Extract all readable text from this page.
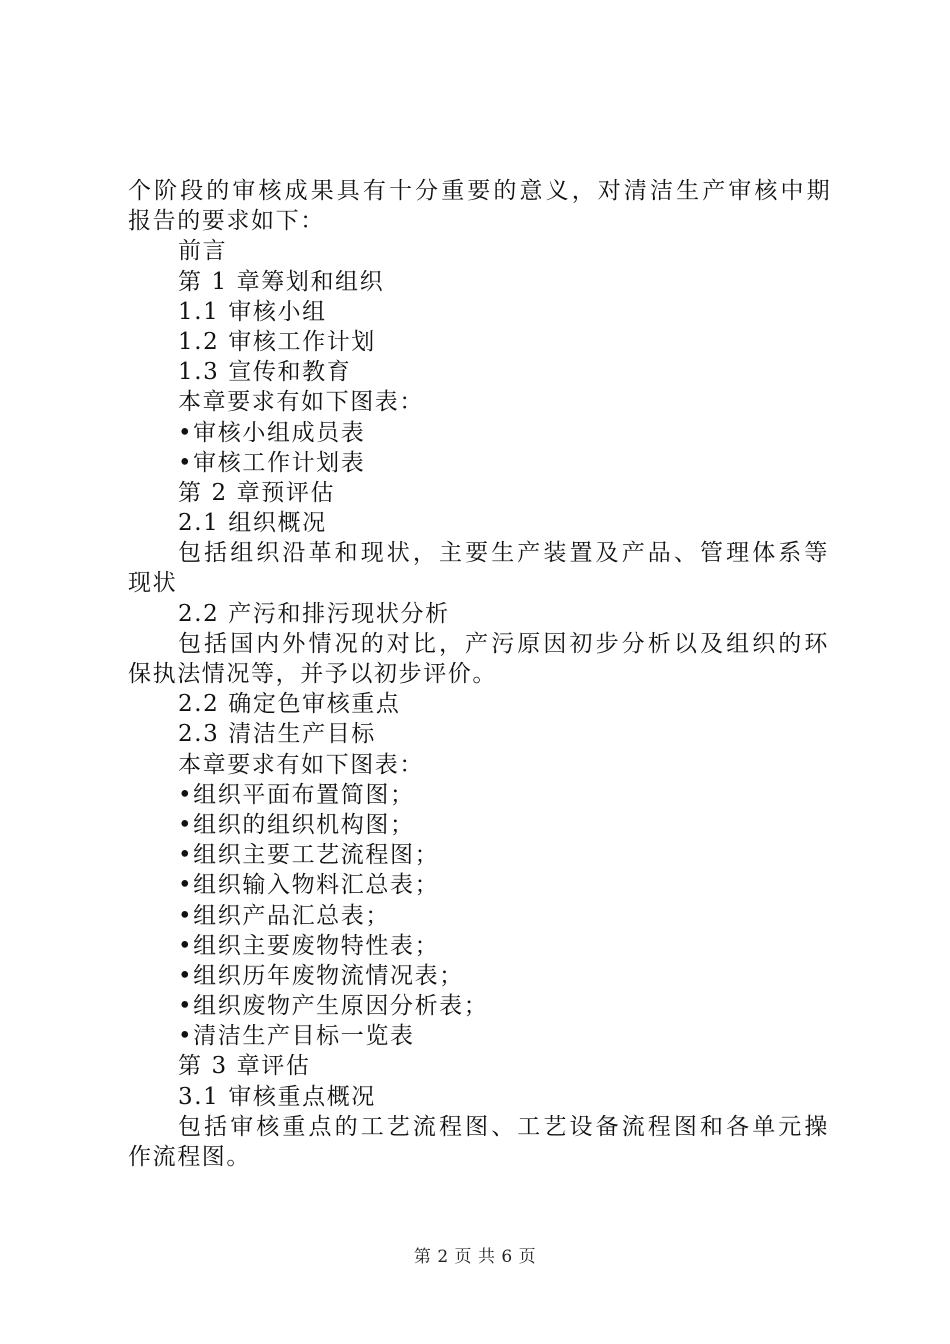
个阶段的审核成果具有十分重要的意义，对清洁生产审核中期
报告的要求如下：
前言
第 1 章筹划和组织
1.1 审核小组
1.2 审核工作计划
1.3 宣传和教育
本章要求有如下图表：
•审核小组成员表
•审核工作计划表
第 2 章预评估
2.1 组织概况
包括组织沿革和现状，主要生产装置及产品、管理体系等
现状
2.2 产污和排污现状分析
包括国内外情况的对比，产污原因初步分析以及组织的环
保执法情况等，并予以初步评价。
2.2 确定色审核重点
2.3 清洁生产目标
本章要求有如下图表：
•组织平面布置简图；
•组织的组织机构图；
•组织主要工艺流程图；
•组织输入物料汇总表；
•组织产品汇总表；
•组织主要废物特性表；
•组织历年废物流情况表；
•组织废物产生原因分析表；
•清洁生产目标一览表
第 3 章评估
3.1 审核重点概况
包括审核重点的工艺流程图、工艺设备流程图和各单元操
作流程图。
第 2 页 共 6 页
